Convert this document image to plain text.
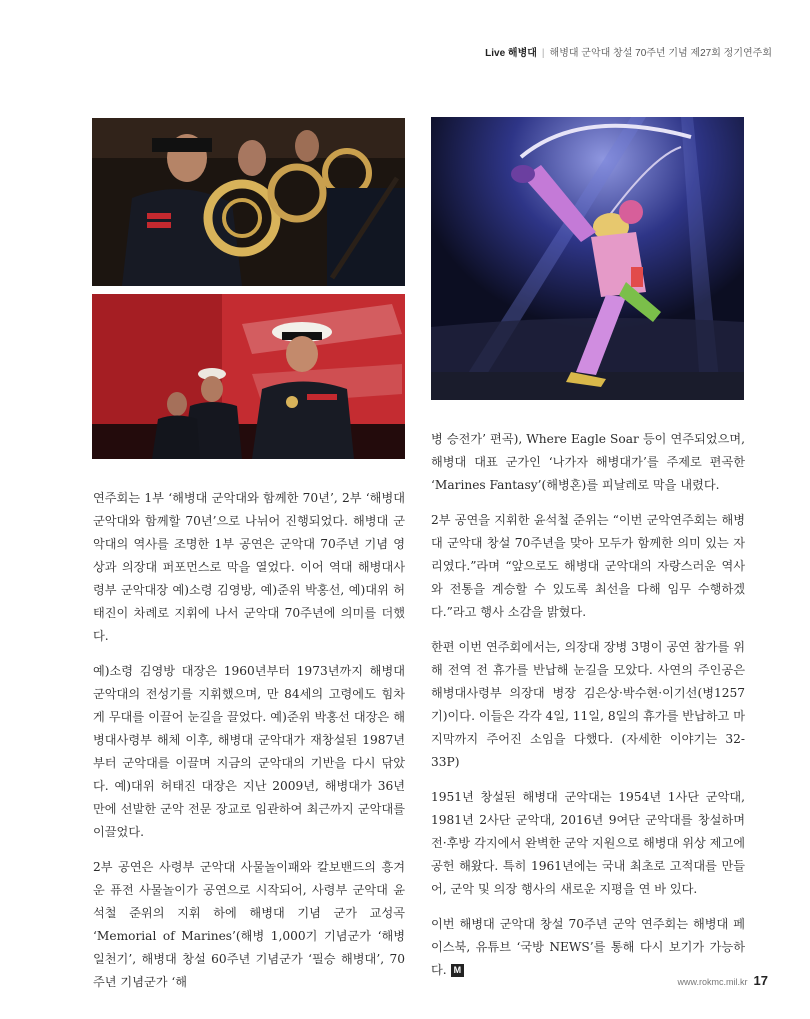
Live 해병대 | 해병대 군악대 창설 70주년 기념 제27회 정기연주회

연주회는 1부 ‘해병대 군악대와 함께한 70년’, 2부 ‘해병대 군악대와 함께할 70년’으로 나뉘어 진행되었다. 해병대 군악대의 역사를 조명한 1부 공연은 군악대 70주년 기념 영상과 의장대 퍼포먼스로 막을 열었다. 이어 역대 해병대사령부 군악대장 예)소령 김영방, 예)준위 박홍선, 예)대위 허태진이 차례로 지휘에 나서 군악대 70주년에 의미를 더했다.

예)소령 김영방 대장은 1960년부터 1973년까지 해병대 군악대의 전성기를 지휘했으며, 만 84세의 고령에도 힘차게 무대를 이끌어 눈길을 끌었다. 예)준위 박홍선 대장은 해병대사령부 해체 이후, 해병대 군악대가 재창설된 1987년부터 군악대를 이끌며 지금의 군악대의 기반을 다시 닦았다. 예)대위 허태진 대장은 지난 2009년, 해병대가 36년 만에 선발한 군악 전문 장교로 임관하여 최근까지 군악대를 이끌었다.

2부 공연은 사령부 군악대 사물놀이패와 칼보밴드의 흥겨운 퓨전 사물놀이가 공연으로 시작되어, 사령부 군악대 윤석철 준위의 지휘 하에 해병대 기념 군가 교성곡 ‘Memorial of Marines’(해병 1,000기 기념군가 ‘해병 일천기’, 해병대 창설 60주년 기념군가 ‘필승 해병대’, 70주년 기념군가 ‘해

병 승전가’ 편곡), Where Eagle Soar 등이 연주되었으며, 해병대 대표 군가인 ‘나가자 해병대가’를 주제로 편곡한 ‘Marines Fantasy’(해병혼)를 피날레로 막을 내렸다.

2부 공연을 지휘한 윤석철 준위는 “이번 군악연주회는 해병대 군악대 창설 70주년을 맞아 모두가 함께한 의미 있는 자리였다.”라며 “앞으로도 해병대 군악대의 자랑스러운 역사와 전통을 계승할 수 있도록 최선을 다해 임무 수행하겠다.”라고 행사 소감을 밝혔다.

한편 이번 연주회에서는, 의장대 장병 3명이 공연 참가를 위해 전역 전 휴가를 반납해 눈길을 모았다. 사연의 주인공은 해병대사령부 의장대 병장 김은상·박수현·이기선(병1257기)이다. 이들은 각각 4일, 11일, 8일의 휴가를 반납하고 마지막까지 주어진 소임을 다했다. (자세한 이야기는 32-33P)

1951년 창설된 해병대 군악대는 1954년 1사단 군악대, 1981년 2사단 군악대, 2016년 9여단 군악대를 창설하며 전·후방 각지에서 완벽한 군악 지원으로 해병대 위상 제고에 공헌 해왔다. 특히 1961년에는 국내 최초로 고적대를 만들어, 군악 및 의장 행사의 새로운 지평을 연 바 있다.

이번 해병대 군악대 창설 70주년 군악 연주회는 해병대 페이스북, 유튜브 ‘국방 NEWS’를 통해 다시 보기가 가능하다. M

www.rokmc.mil.kr 17
